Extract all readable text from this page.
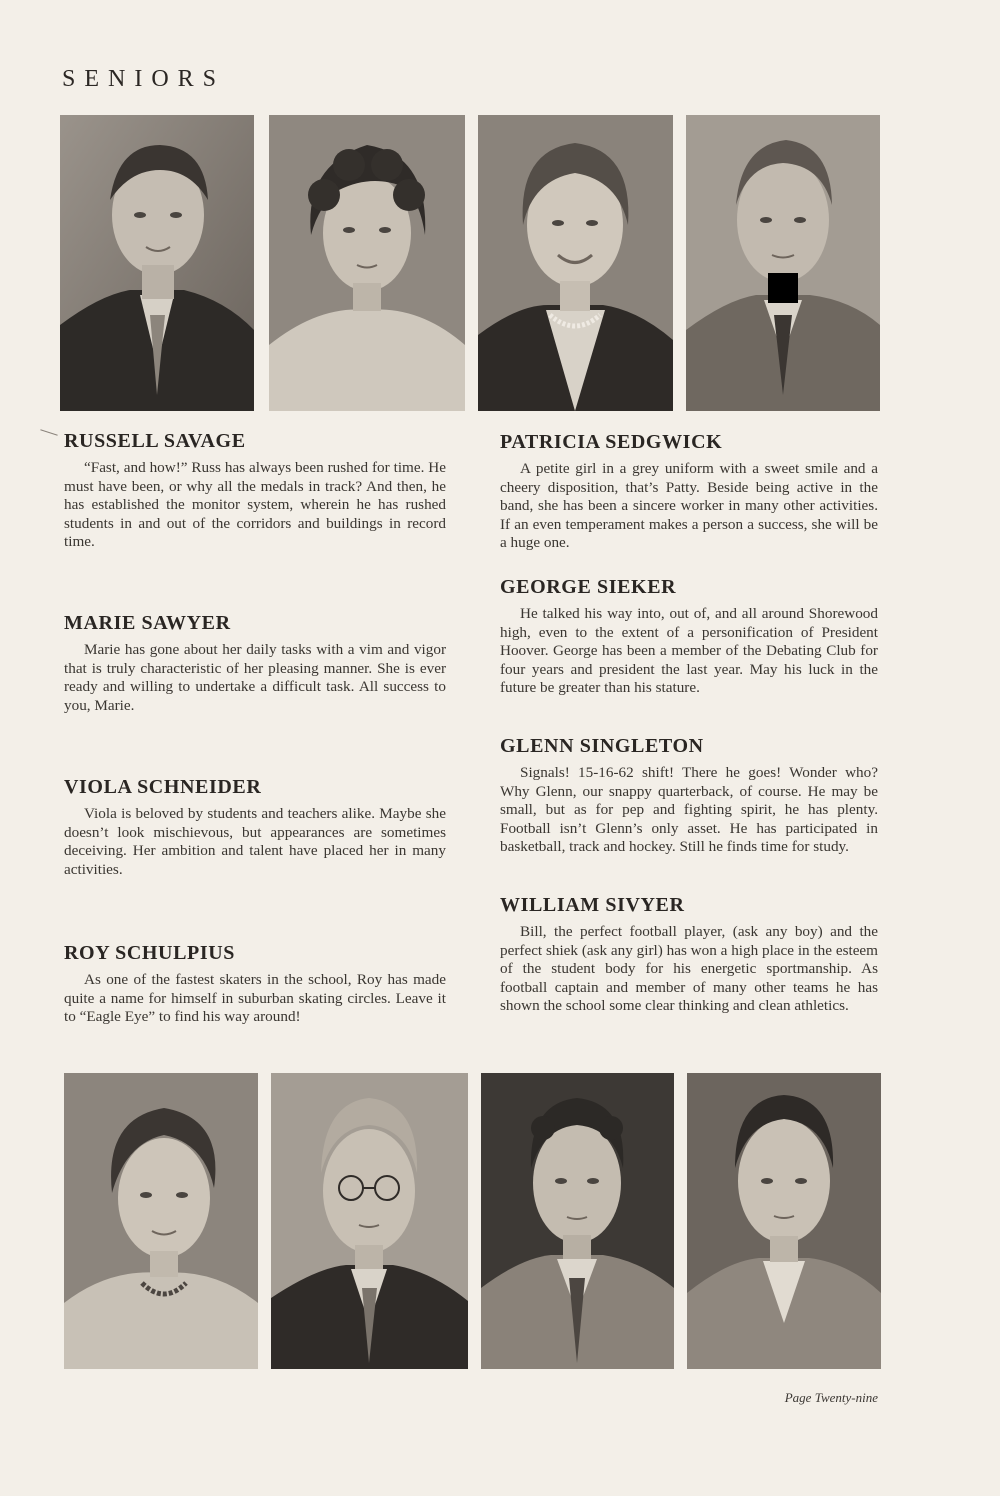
SENIORS
RUSSELL SAVAGE

“Fast, and how!” Russ has always been rushed for time. He must have been, or why all the medals in track? And then, he has established the monitor system, wherein he has rushed students in and out of the corridors and buildings in record time.

MARIE SAWYER

Marie has gone about her daily tasks with a vim and vigor that is truly characteristic of her pleasing manner. She is ever ready and willing to undertake a difficult task. All success to you, Marie.

VIOLA SCHNEIDER

Viola is beloved by students and teachers alike. Maybe she doesn’t look mischievous, but appearances are sometimes deceiving. Her ambition and talent have placed her in many activities.

ROY SCHULPIUS

As one of the fastest skaters in the school, Roy has made quite a name for himself in suburban skating circles. Leave it to “Eagle Eye” to find his way around!

PATRICIA SEDGWICK

A petite girl in a grey uniform with a sweet smile and a cheery disposition, that’s Patty. Beside being active in the band, she has been a sincere worker in many other activities. If an even temperament makes a person a success, she will be a huge one.

GEORGE SIEKER

He talked his way into, out of, and all around Shorewood high, even to the extent of a personification of President Hoover. George has been a member of the Debating Club for four years and president the last year. May his luck in the future be greater than his stature.

GLENN SINGLETON

Signals! 15-16-62 shift! There he goes! Wonder who? Why Glenn, our snappy quarterback, of course. He may be small, but as for pep and fighting spirit, he has plenty. Football isn’t Glenn’s only asset. He has participated in basketball, track and hockey. Still he finds time for study.

WILLIAM SIVYER

Bill, the perfect football player, (ask any boy) and the perfect shiek (ask any girl) has won a high place in the esteem of the student body for his energetic sportmanship. As football captain and member of many other teams he has shown the school some clear thinking and clean athletics.

Page Twenty-nine
